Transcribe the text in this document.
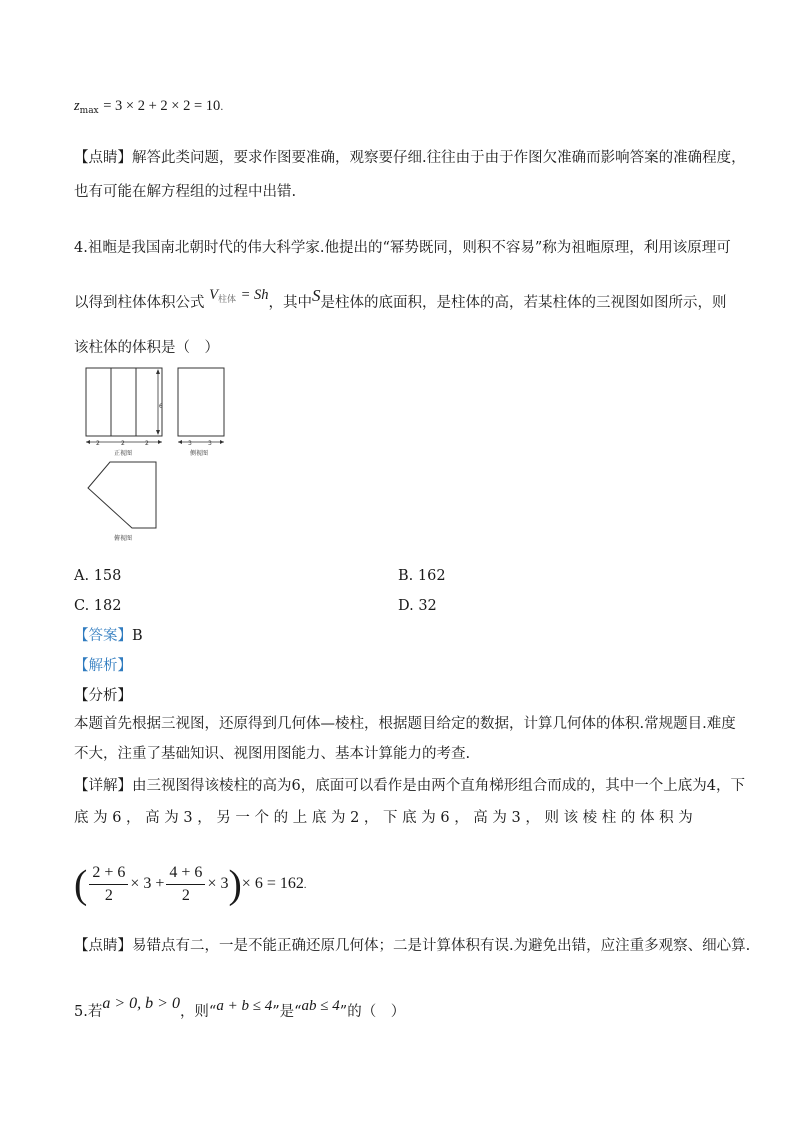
$z_{max} = 3 \times 2 + 2 \times 2 = 10$.
【点睛】解答此类问题，要求作图要准确，观察要仔细.往往由于由于作图欠准确而影响答案的准确程度，
也有可能在解方程组的过程中出错.
4.祖暅是我国南北朝时代的伟大科学家.他提出的“幂势既同，则积不容易”称为祖暅原理，利用该原理可
以得到柱体体积公式 $V^{柱体} = Sh$，其中S是柱体的底面积，是柱体的高，若某柱体的三视图如图所示，则
该柱体的体积是（　）
6
2	2	2
正视图
3	3
侧视图
俯视图
A. 158	B. 162
C. 182	D. 32
【答案】B
【解析】
【分析】
本题首先根据三视图，还原得到几何体—棱柱，根据题目给定的数据，计算几何体的体积.常规题目.难度
不大，注重了基础知识、视图用图能力、基本计算能力的考查.
【详解】由三视图得该棱柱的高为6，底面可以看作是由两个直角梯形组合而成的，其中一个上底为4，下
底 为 6 ， 高 为 3 ， 另 一 个 的 上 底 为 2 ， 下 底 为 6 ， 高 为 3 ， 则 该 棱 柱 的 体 积 为
( $\frac{2 + 6}{2} \times 3 + \frac{4 + 6}{2} \times 3)\times 6 = 162$.
【点睛】易错点有二，一是不能正确还原几何体；二是计算体积有误.为避免出错，应注重多观察、细心算.
5.若a > 0, b > 0，则“a + b ≤ 4”是“ab ≤ 4”的（　）
